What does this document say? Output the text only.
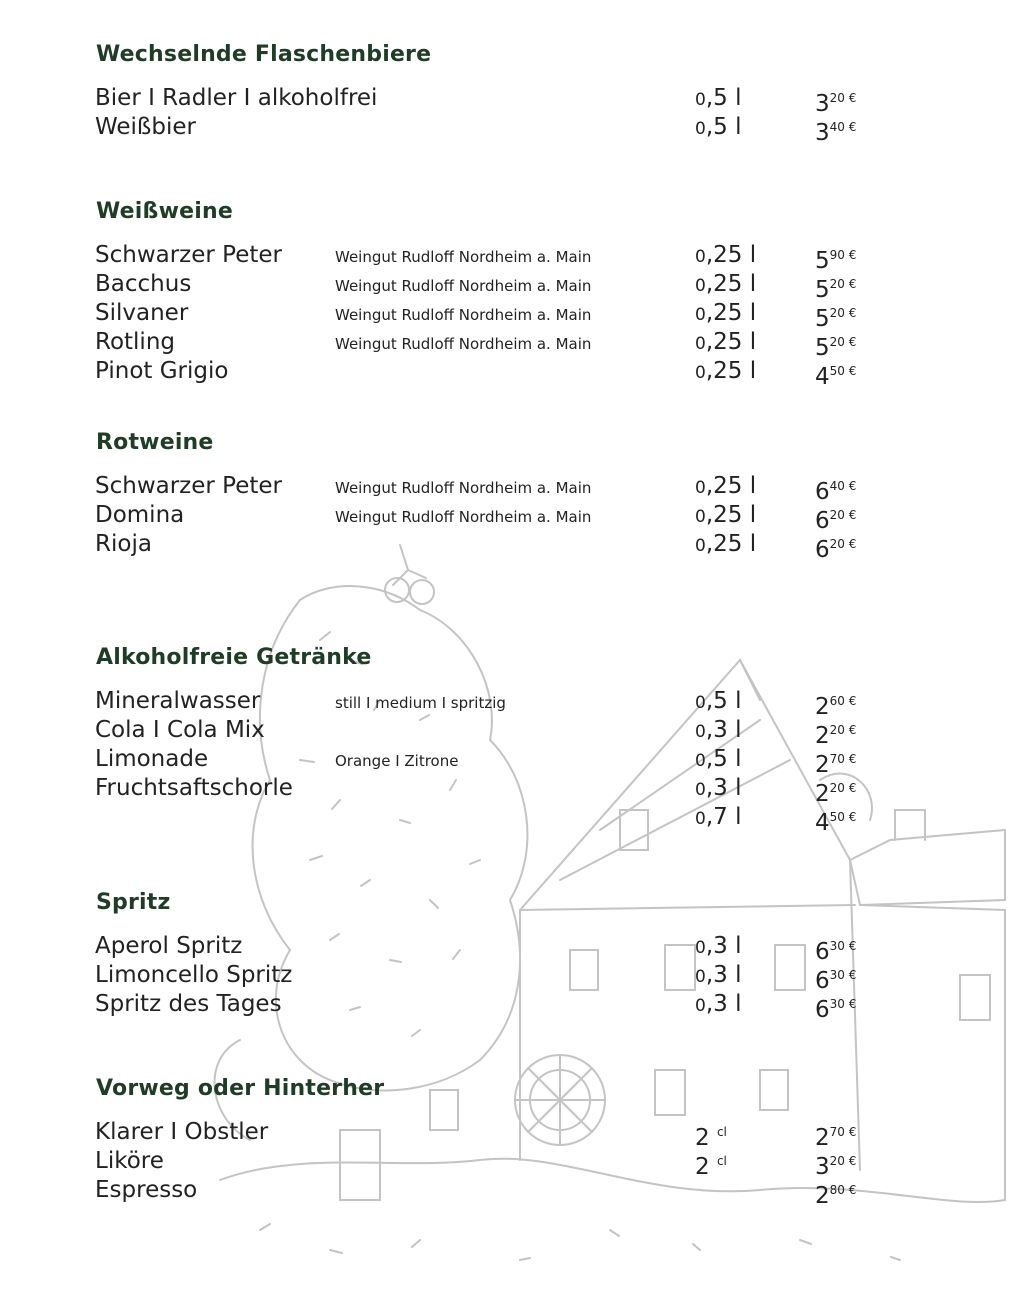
Wechselnde Flaschenbiere
Bier I Radler I alkoholfrei	0,5 l	$3^{20 €}$
Weißbier	0,5 l	$3^{40 €}$
Weißweine
Schwarzer Peter	Weingut Rudloff Nordheim a. Main	0,25 l	$5^{90 €}$
Bacchus	Weingut Rudloff Nordheim a. Main	0,25 l	$5^{20 €}$
Silvaner	Weingut Rudloff Nordheim a. Main	0,25 l	$5^{20 €}$
Rotling	Weingut Rudloff Nordheim a. Main	0,25 l	$5^{20 €}$
Pinot Grigio	0,25 l	$4^{50 €}$
Rotweine
Schwarzer Peter	Weingut Rudloff Nordheim a. Main	0,25 l	$6^{40 €}$
Domina	Weingut Rudloff Nordheim a. Main	0,25 l	$6^{20 €}$
Rioja	0,25 l	$6^{20 €}$
Alkoholfreie Getränke
Mineralwasser	still I medium I spritzig	0,5 l	$2^{60 €}$
Cola I Cola Mix	0,3 l	$2^{20 €}$
Limonade	Orange I Zitrone	0,5 l	$2^{70 €}$
Fruchtsaftschorle	0,3 l	$2^{20 €}$
0,7 l	$4^{50 €}$
Spritz
Aperol Spritz	0,3 l	$6^{30 €}$
Limoncello Spritz	0,3 l	$6^{30 €}$
Spritz des Tages	0,3 l	$6^{30 €}$
Vorweg oder Hinterher
Klarer I Obstler	2 $^{cl}$	$2^{70 €}$
Liköre	2 $^{cl}$	$3^{20 €}$
Espresso	$2^{80 €}$
